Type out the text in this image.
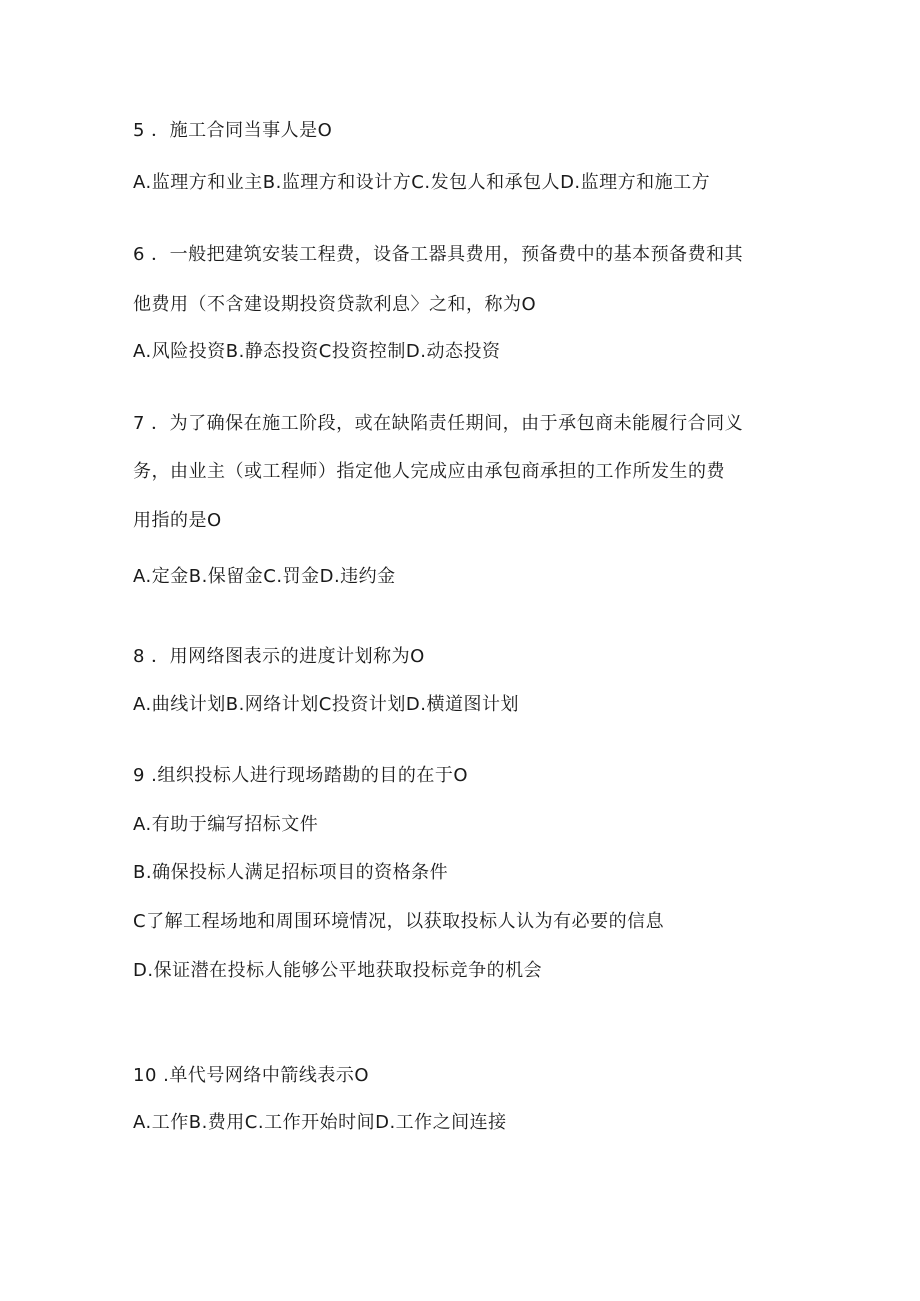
5 ．施工合同当事人是O
A.监理方和业主B.监理方和设计方C.发包人和承包人D.监理方和施工方
6 ．一般把建筑安装工程费，设备工器具费用，预备费中的基本预备费和其
他费用（不含建设期投资贷款利息〉之和，称为O
A.风险投资B.静态投资C投资控制D.动态投资
7 ．为了确保在施工阶段，或在缺陷责任期间，由于承包商未能履行合同义
务，由业主（或工程师）指定他人完成应由承包商承担的工作所发生的费
用指的是O
A.定金B.保留金C.罚金D.违约金
8 ．用网络图表示的进度计划称为O
A.曲线计划B.网络计划C投资计划D.横道图计划
9 .组织投标人进行现场踏勘的目的在于O
A.有助于编写招标文件
B.确保投标人满足招标项目的资格条件
C了解工程场地和周围环境情况，以获取投标人认为有必要的信息
D.保证潜在投标人能够公平地获取投标竞争的机会
10 .单代号网络中箭线表示O
A.工作B.费用C.工作开始时间D.工作之间连接
